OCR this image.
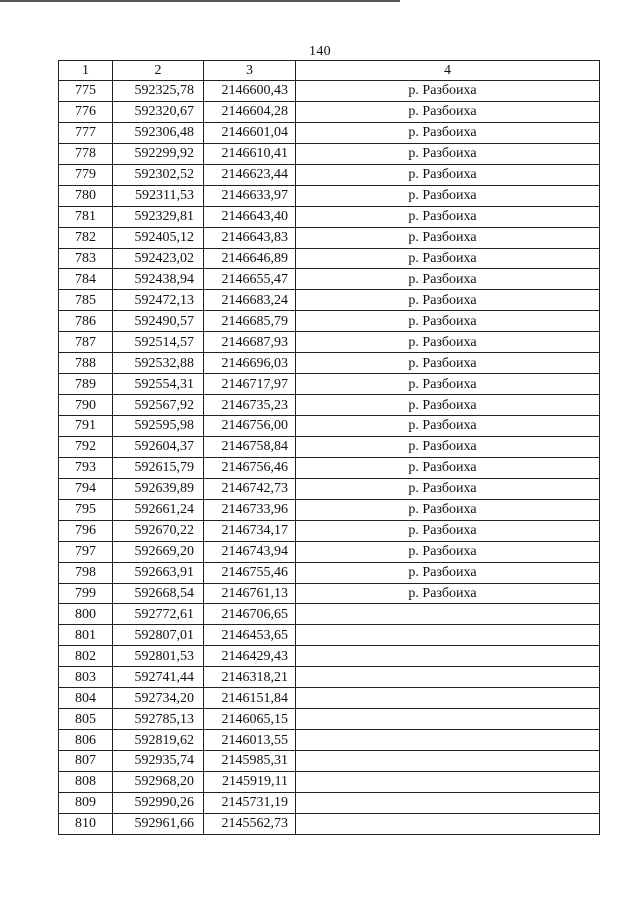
140
1	2	3	4
775	592325,78	2146600,43	р. Разбоиха
776	592320,67	2146604,28	р. Разбоиха
777	592306,48	2146601,04	р. Разбоиха
778	592299,92	2146610,41	р. Разбоиха
779	592302,52	2146623,44	р. Разбоиха
780	592311,53	2146633,97	р. Разбоиха
781	592329,81	2146643,40	р. Разбоиха
782	592405,12	2146643,83	р. Разбоиха
783	592423,02	2146646,89	р. Разбоиха
784	592438,94	2146655,47	р. Разбоиха
785	592472,13	2146683,24	р. Разбоиха
786	592490,57	2146685,79	р. Разбоиха
787	592514,57	2146687,93	р. Разбоиха
788	592532,88	2146696,03	р. Разбоиха
789	592554,31	2146717,97	р. Разбоиха
790	592567,92	2146735,23	р. Разбоиха
791	592595,98	2146756,00	р. Разбоиха
792	592604,37	2146758,84	р. Разбоиха
793	592615,79	2146756,46	р. Разбоиха
794	592639,89	2146742,73	р. Разбоиха
795	592661,24	2146733,96	р. Разбоиха
796	592670,22	2146734,17	р. Разбоиха
797	592669,20	2146743,94	р. Разбоиха
798	592663,91	2146755,46	р. Разбоиха
799	592668,54	2146761,13	р. Разбоиха
800	592772,61	2146706,65	
801	592807,01	2146453,65	
802	592801,53	2146429,43	
803	592741,44	2146318,21	
804	592734,20	2146151,84	
805	592785,13	2146065,15	
806	592819,62	2146013,55	
807	592935,74	2145985,31	
808	592968,20	2145919,11	
809	592990,26	2145731,19	
810	592961,66	2145562,73	
